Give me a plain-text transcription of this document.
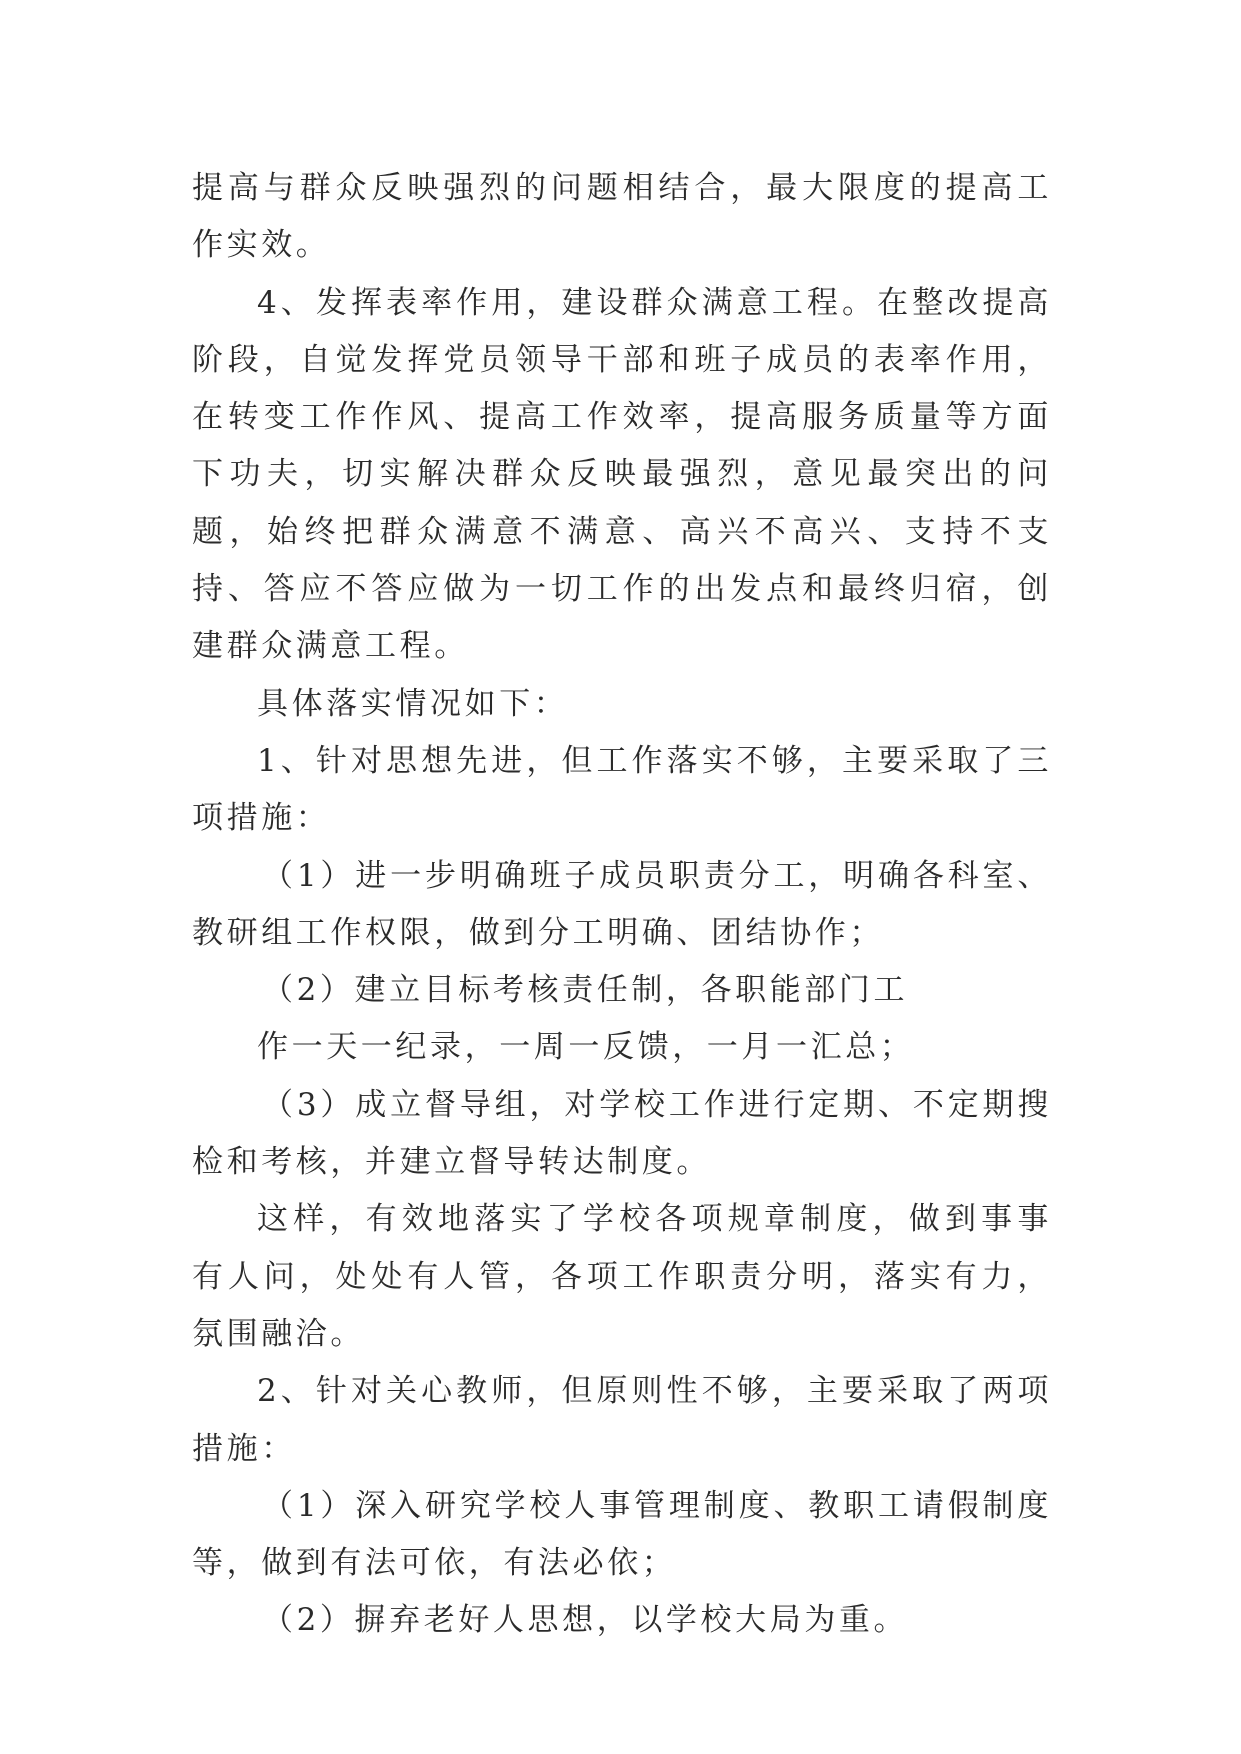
提高与群众反映强烈的问题相结合，最大限度的提高工作实效。

4、发挥表率作用，建设群众满意工程。在整改提高阶段，自觉发挥党员领导干部和班子成员的表率作用，在转变工作作风、提高工作效率，提高服务质量等方面下功夫，切实解决群众反映最强烈，意见最突出的问题，始终把群众满意不满意、高兴不高兴、支持不支持、答应不答应做为一切工作的出发点和最终归宿，创建群众满意工程。

具体落实情况如下：

1、针对思想先进，但工作落实不够，主要采取了三项措施：

（1）进一步明确班子成员职责分工，明确各科室、教研组工作权限，做到分工明确、团结协作；

（2）建立目标考核责任制，各职能部门工

作一天一纪录，一周一反馈，一月一汇总；

（3）成立督导组，对学校工作进行定期、不定期搜检和考核，并建立督导转达制度。

这样，有效地落实了学校各项规章制度，做到事事有人问，处处有人管，各项工作职责分明，落实有力，氛围融洽。

2、针对关心教师，但原则性不够，主要采取了两项措施：

（1）深入研究学校人事管理制度、教职工请假制度等，做到有法可依，有法必依；

（2）摒弃老好人思想，以学校大局为重。
